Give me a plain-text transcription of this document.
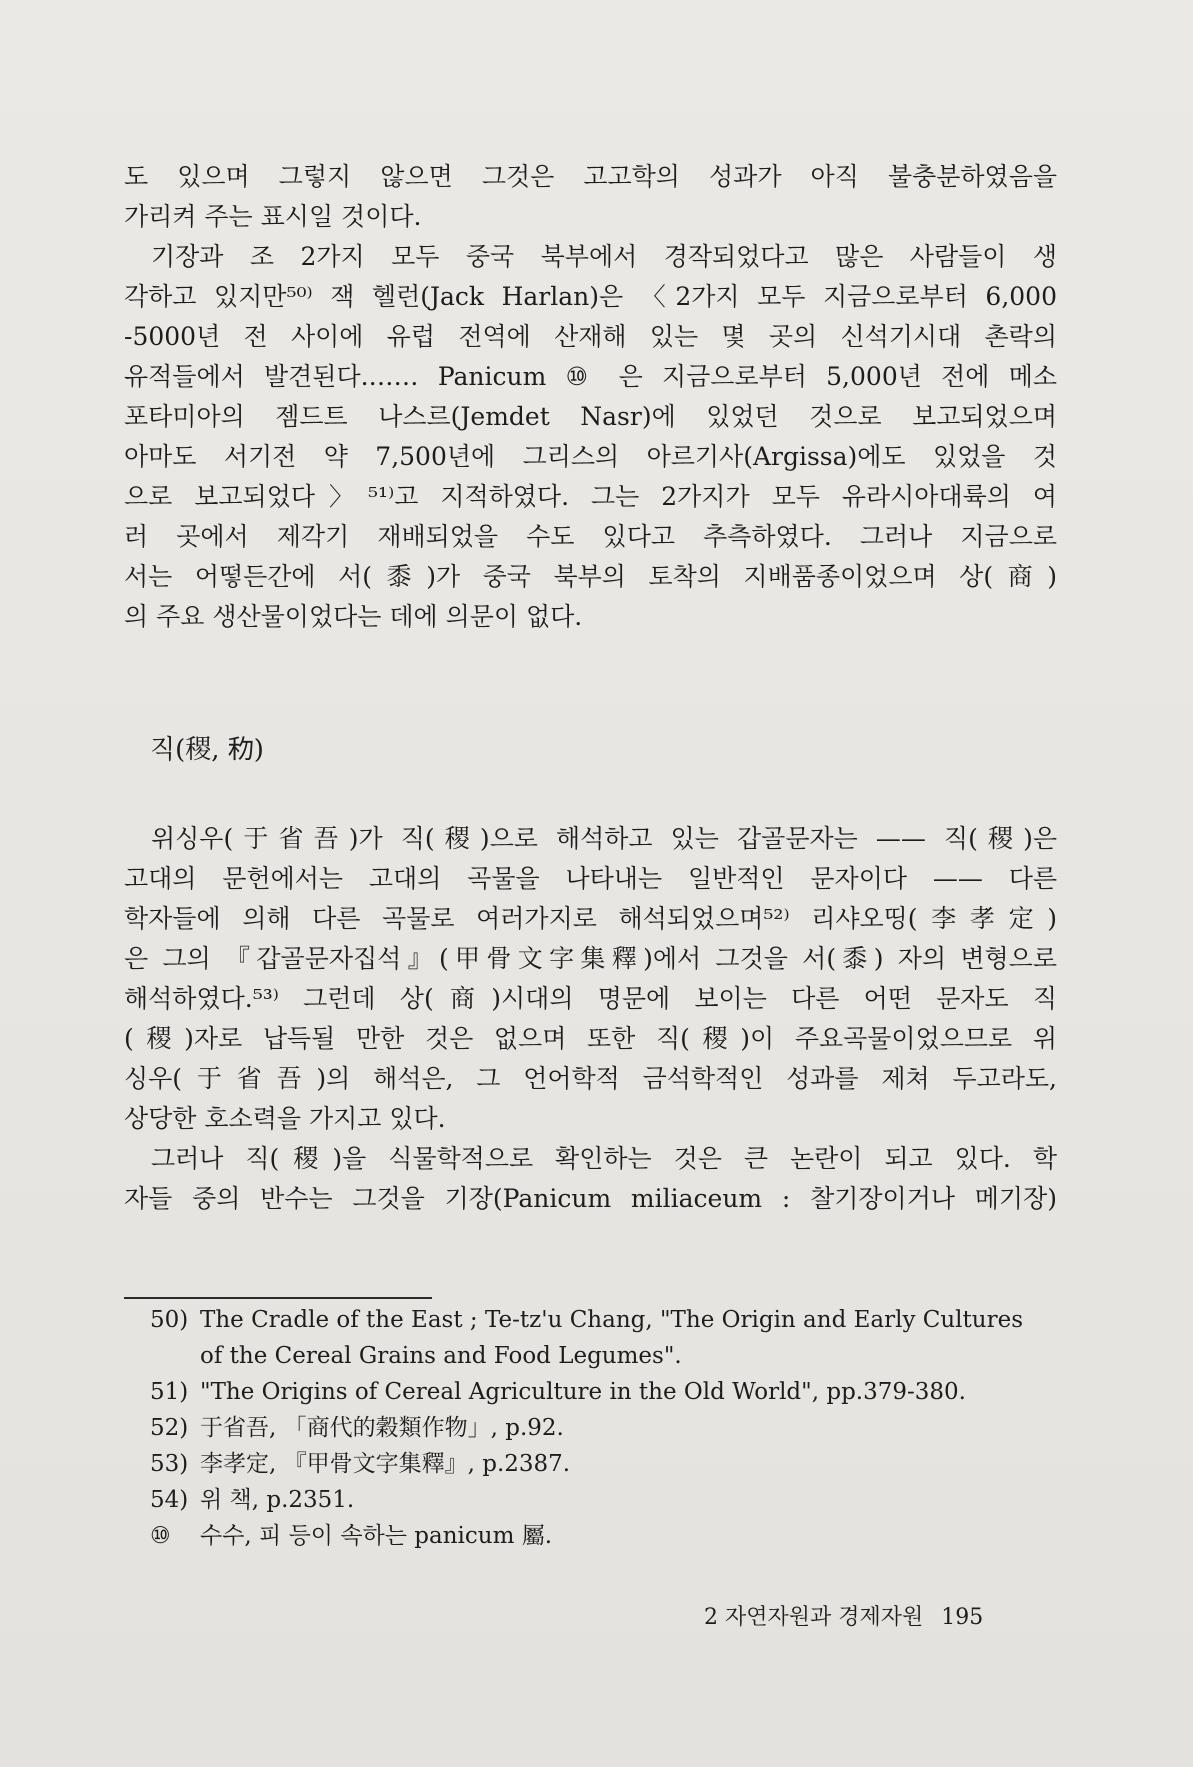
도 있으며 그렇지 않으면 그것은 고고학의 성과가 아직 불충분하였음을
가리켜 주는 표시일 것이다.
기장과 조 2가지 모두 중국 북부에서 경작되었다고 많은 사람들이 생
각하고 있지만⁵⁰⁾ 잭 헬런(Jack Harlan)은 〈2가지 모두 지금으로부터 6,000
-5000년 전 사이에 유럽 전역에 산재해 있는 몇 곳의 신석기시대 촌락의
유적들에서 발견된다.…… Panicum ⑩ 은 지금으로부터 5,000년 전에 메소
포타미아의 젬드트 나스르(Jemdet Nasr)에 있었던 것으로 보고되었으며
아마도 서기전 약 7,500년에 그리스의 아르기사(Argissa)에도 있었을 것
으로 보고되었다〉⁵¹⁾고 지적하였다. 그는 2가지가 모두 유라시아대륙의 여
러 곳에서 제각기 재배되었을 수도 있다고 추측하였다. 그러나 지금으로
서는 어떻든간에 서(黍)가 중국 북부의 토착의 지배품종이었으며 상(商)
의 주요 생산물이었다는 데에 의문이 없다.
직(稷, 𥝢)
위싱우(于省吾)가 직(稷)으로 해석하고 있는 갑골문자는 —— 직(稷)은
고대의 문헌에서는 고대의 곡물을 나타내는 일반적인 문자이다 —— 다른
학자들에 의해 다른 곡물로 여러가지로 해석되었으며⁵²⁾ 리샤오띵(李孝定)
은 그의 『갑골문자집석』(甲骨文字集釋)에서 그것을 서(黍) 자의 변형으로
해석하였다.⁵³⁾ 그런데 상(商)시대의 명문에 보이는 다른 어떤 문자도 직
(稷)자로 납득될 만한 것은 없으며 또한 직(稷)이 주요곡물이었으므로 위
싱우(于省吾)의 해석은, 그 언어학적 금석학적인 성과를 제쳐 두고라도,
상당한 호소력을 가지고 있다.
그러나 직(稷)을 식물학적으로 확인하는 것은 큰 논란이 되고 있다. 학
자들 중의 반수는 그것을 기장(Panicum miliaceum : 찰기장이거나 메기장)
50) The Cradle of the East ; Te-tz'u Chang, "The Origin and Early Cultures
of the Cereal Grains and Food Legumes".
51) "The Origins of Cereal Agriculture in the Old World", pp.379-380.
52) 于省吾, 「商代的穀類作物」, p.92.
53) 李孝定, 『甲骨文字集釋』, p.2387.
54) 위 책, p.2351.
⑩	수수, 피 등이 속하는 panicum 屬.
2 자연자원과 경제자원 195
